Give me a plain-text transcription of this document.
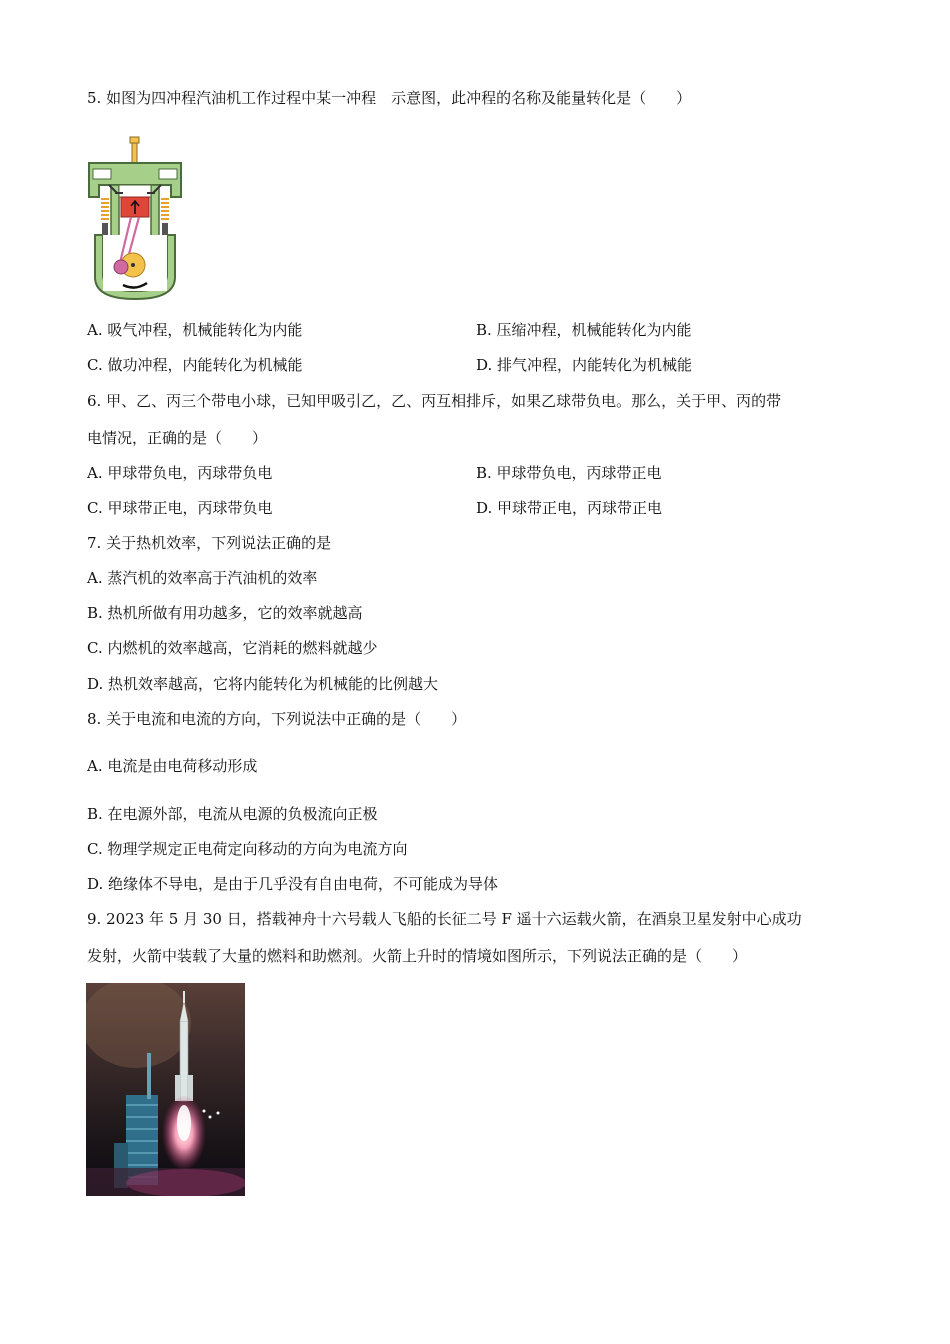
5. 如图为四冲程汽油机工作过程中某一冲程　示意图，此冲程的名称及能量转化是（　　）
A. 吸气冲程，机械能转化为内能	B. 压缩冲程，机械能转化为内能
C. 做功冲程，内能转化为机械能	D. 排气冲程，内能转化为机械能
6. 甲、乙、丙三个带电小球，已知甲吸引乙，乙、丙互相排斥，如果乙球带负电。那么，关于甲、丙的带
电情况，正确的是（　　）
A. 甲球带负电，丙球带负电	B. 甲球带负电，丙球带正电
C. 甲球带正电，丙球带负电	D. 甲球带正电，丙球带正电
7. 关于热机效率，下列说法正确的是
A. 蒸汽机的效率高于汽油机的效率
B. 热机所做有用功越多，它的效率就越高
C. 内燃机的效率越高，它消耗的燃料就越少
D. 热机效率越高，它将内能转化为机械能的比例越大
8. 关于电流和电流的方向，下列说法中正确的是（　　）
A. 电流是由电荷移动形成
B. 在电源外部，电流从电源的负极流向正极
C. 物理学规定正电荷定向移动的方向为电流方向
D. 绝缘体不导电，是由于几乎没有自由电荷，不可能成为导体
9. 2023 年 5 月 30 日，搭载神舟十六号载人飞船的长征二号 F 遥十六运载火箭，在酒泉卫星发射中心成功
发射，火箭中装载了大量的燃料和助燃剂。火箭上升时的情境如图所示，下列说法正确的是（　　）
